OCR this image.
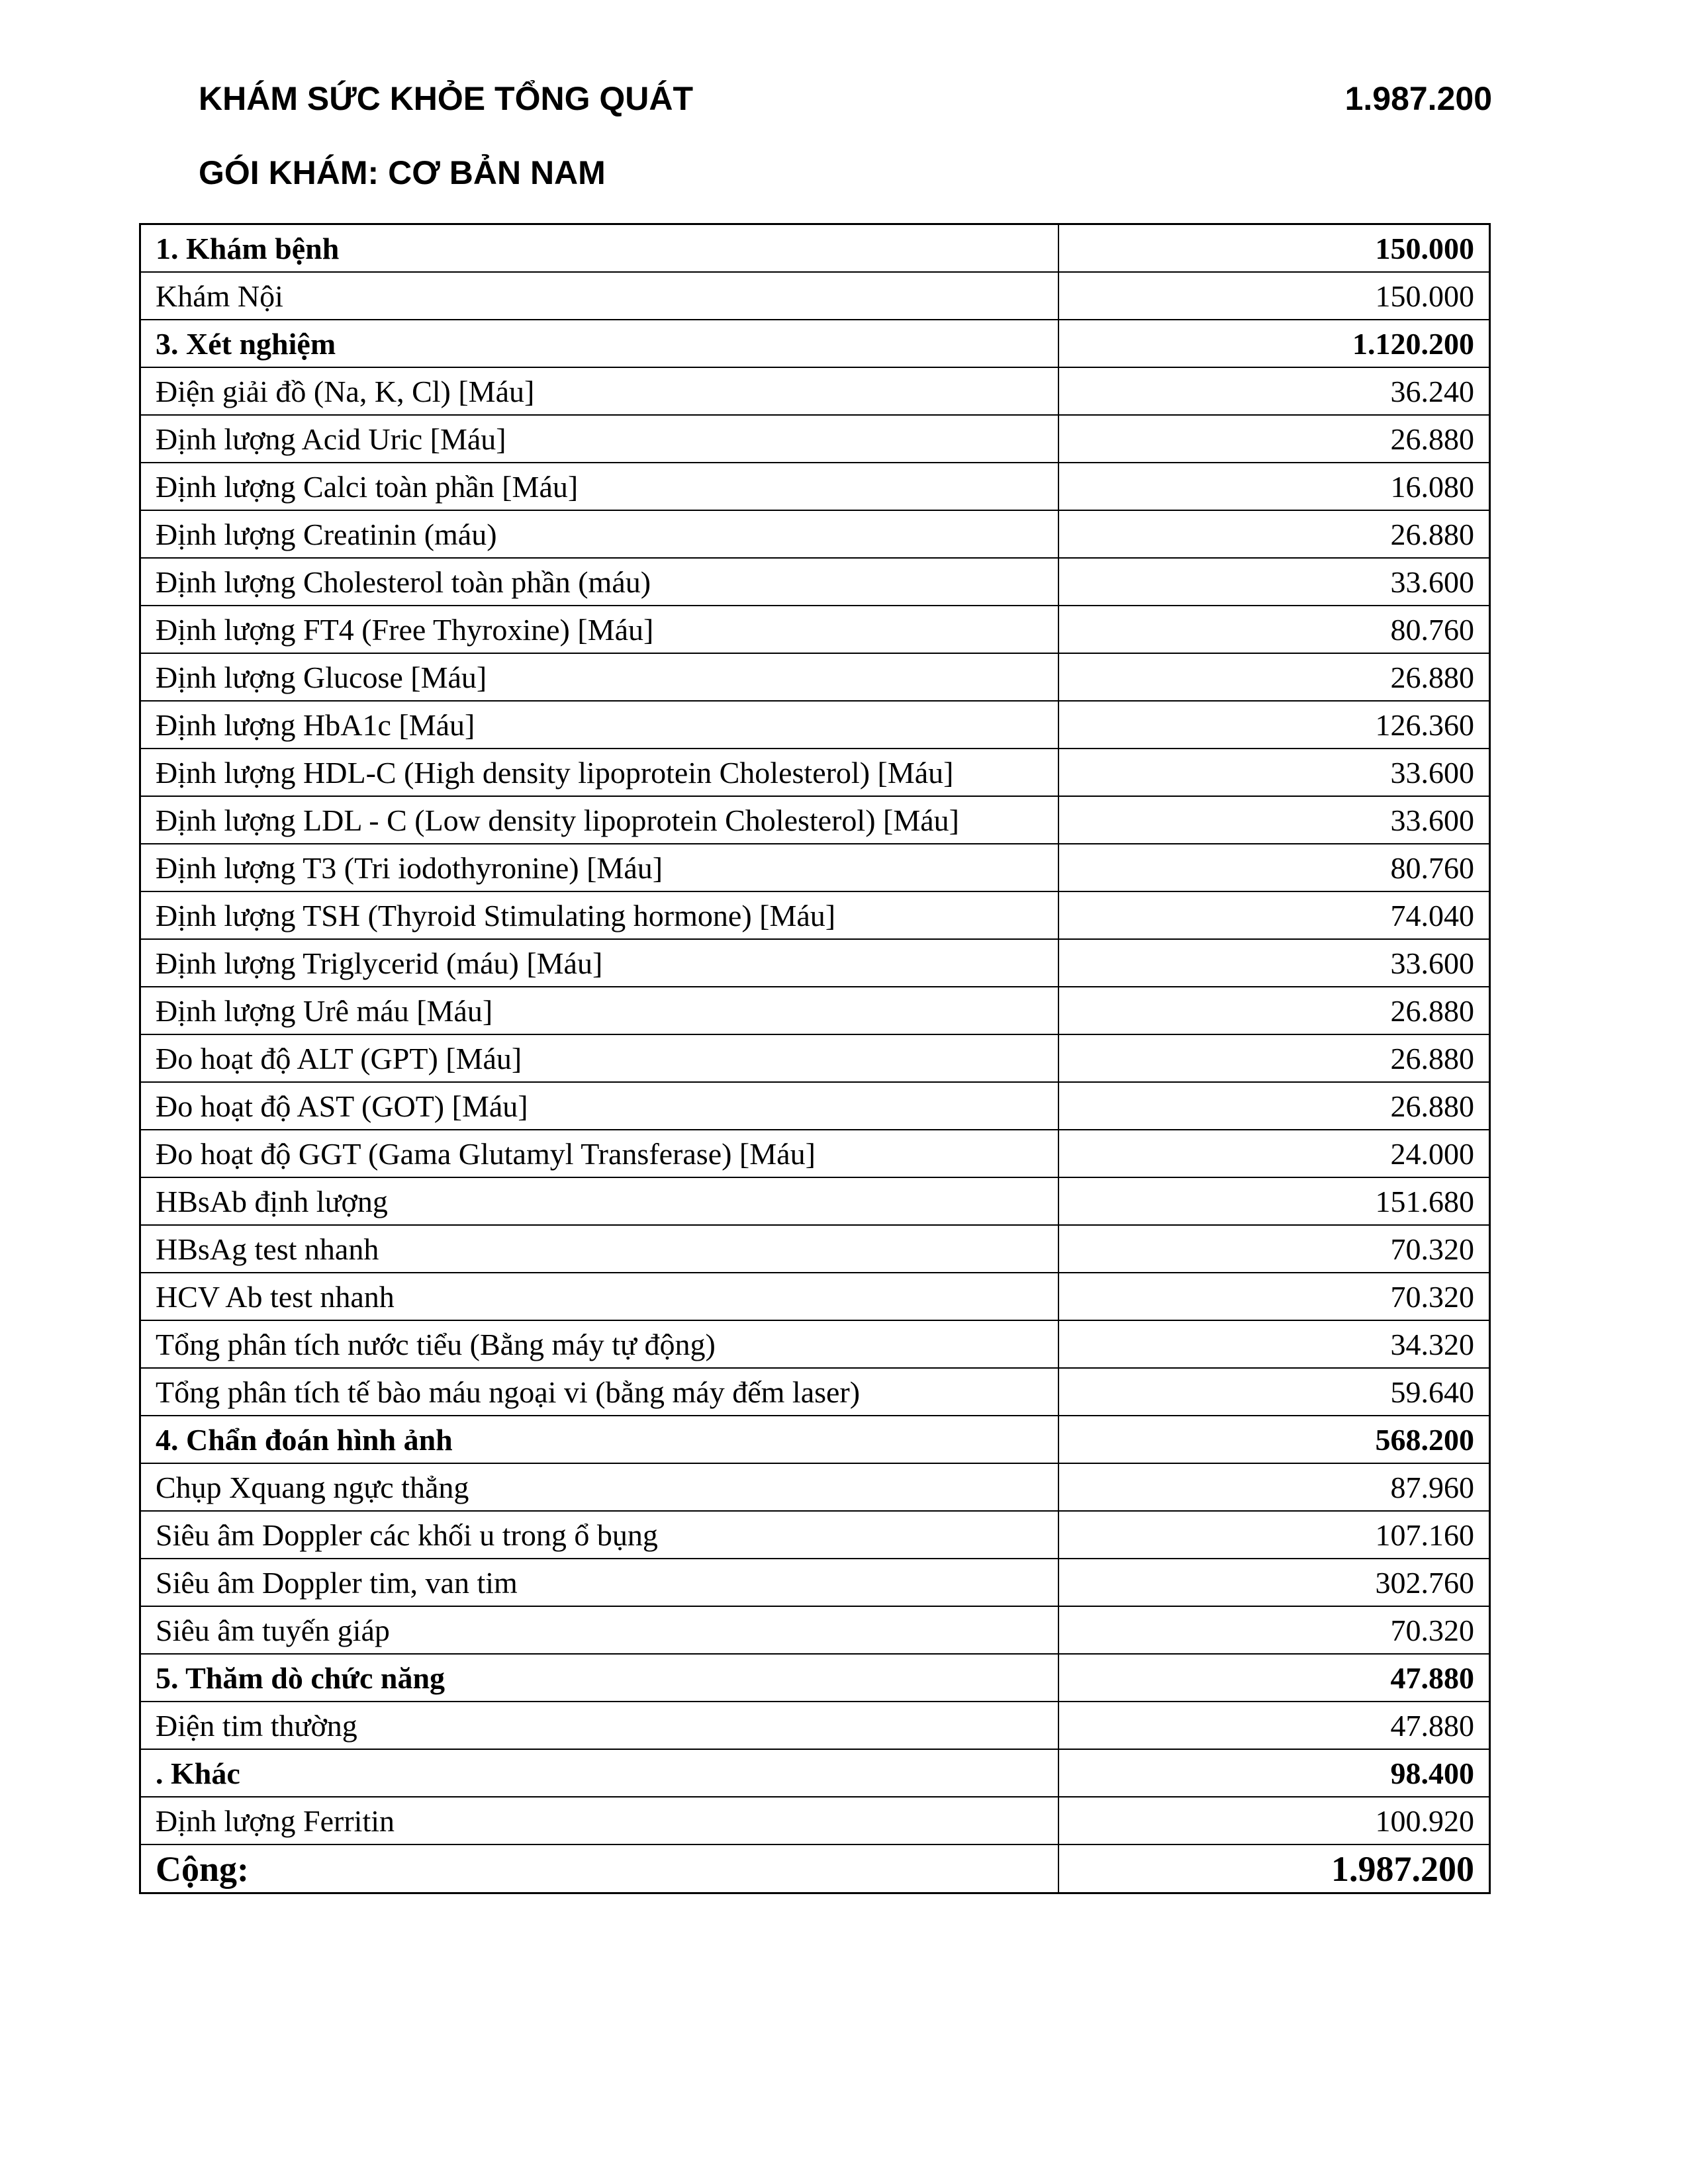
KHÁM SỨC KHỎE TỔNG QUÁT	1.987.200
GÓI KHÁM: CƠ BẢN NAM
1. Khám bệnh	150.000
Khám Nội	150.000
3. Xét nghiệm	1.120.200
Điện giải đồ (Na, K, Cl) [Máu]	36.240
Định lượng Acid Uric [Máu]	26.880
Định lượng Calci toàn phần [Máu]	16.080
Định lượng Creatinin (máu)	26.880
Định lượng Cholesterol toàn phần (máu)	33.600
Định lượng FT4 (Free Thyroxine) [Máu]	80.760
Định lượng Glucose [Máu]	26.880
Định lượng HbA1c [Máu]	126.360
Định lượng HDL-C (High density lipoprotein Cholesterol) [Máu]	33.600
Định lượng LDL - C (Low density lipoprotein Cholesterol) [Máu]	33.600
Định lượng T3 (Tri iodothyronine) [Máu]	80.760
Định lượng TSH (Thyroid Stimulating hormone) [Máu]	74.040
Định lượng Triglycerid (máu) [Máu]	33.600
Định lượng Urê máu [Máu]	26.880
Đo hoạt độ ALT (GPT) [Máu]	26.880
Đo hoạt độ AST (GOT) [Máu]	26.880
Đo hoạt độ GGT (Gama Glutamyl Transferase) [Máu]	24.000
HBsAb định lượng	151.680
HBsAg test nhanh	70.320
HCV Ab test nhanh	70.320
Tổng phân tích nước tiểu (Bằng máy tự động)	34.320
Tổng phân tích tế bào máu ngoại vi (bằng máy đếm laser)	59.640
4. Chẩn đoán hình ảnh	568.200
Chụp Xquang ngực thẳng	87.960
Siêu âm Doppler các khối u trong ổ bụng	107.160
Siêu âm Doppler tim, van tim	302.760
Siêu âm tuyến giáp	70.320
5. Thăm dò chức năng	47.880
Điện tim thường	47.880
. Khác	98.400
Định lượng Ferritin	100.920
Cộng:	1.987.200
